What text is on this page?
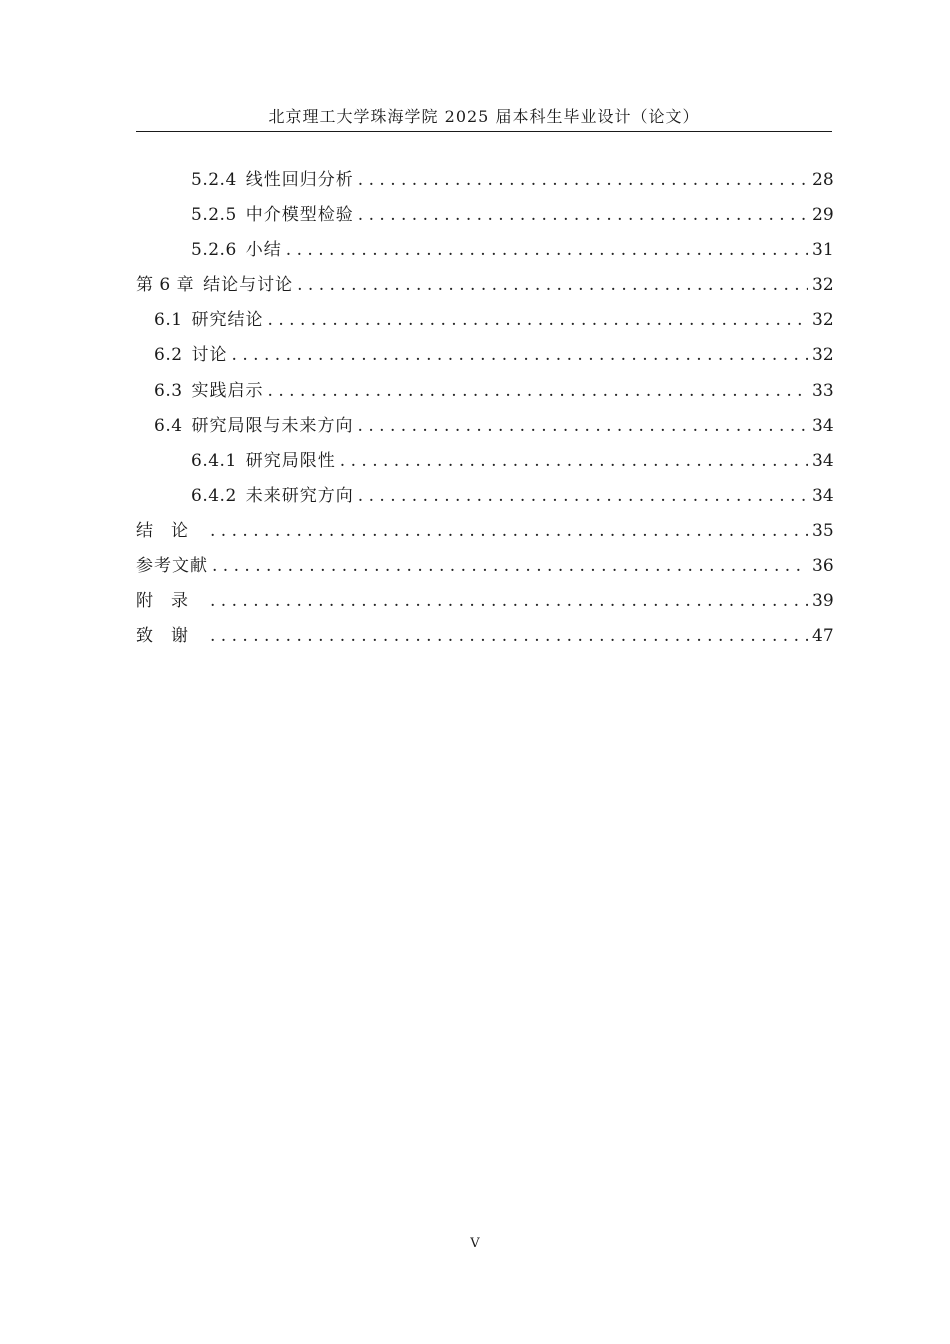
北京理工大学珠海学院 2025 届本科生毕业设计（论文）
5.2.4 线性回归分析 . . .	28
5.2.5 中介模型检验 . . .	29
5.2.6 小结 . . .	31
第 6 章 结论与讨论 . . .	32
6.1 研究结论 . . .	32
6.2 讨论 . . .	32
6.3 实践启示 . . .	33
6.4 研究局限与未来方向 . . .	34
6.4.1 研究局限性 . . .	34
6.4.2 未来研究方向 . . .	34
结论 . . .	35
参考文献 . . .	36
附录 . . .	39
致谢 . . .	47
V
